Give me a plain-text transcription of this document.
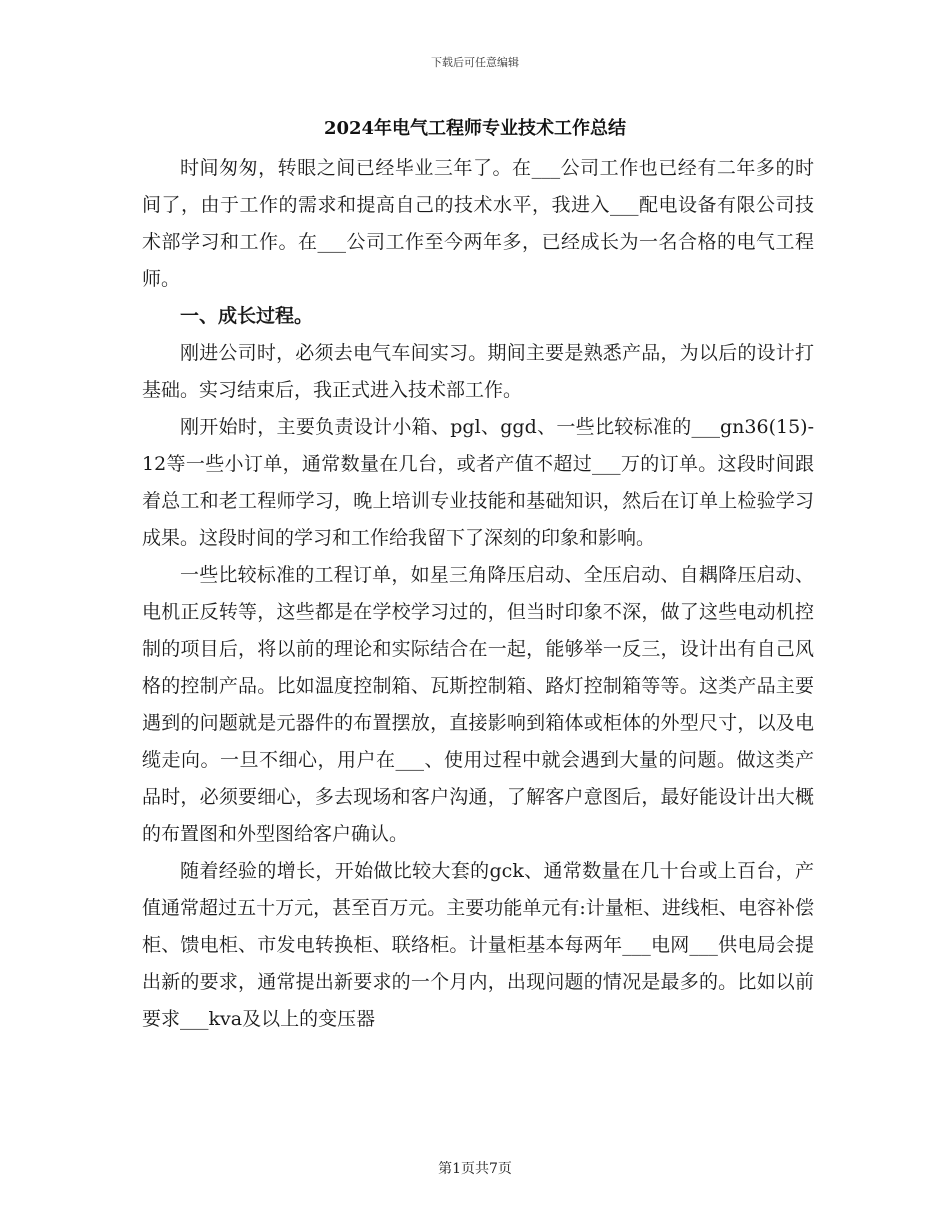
下载后可任意编辑
2024年电气工程师专业技术工作总结

时间匆匆，转眼之间已经毕业三年了。在___公司工作也已经有二年多的时间了，由于工作的需求和提高自己的技术水平，我进入___配电设备有限公司技术部学习和工作。在___公司工作至今两年多，已经成长为一名合格的电气工程师。

一、成长过程。

刚进公司时，必须去电气车间实习。期间主要是熟悉产品，为以后的设计打基础。实习结束后，我正式进入技术部工作。

刚开始时，主要负责设计小箱、pgl、ggd、一些比较标准的___gn36(15)-12等一些小订单，通常数量在几台，或者产值不超过___万的订单。这段时间跟着总工和老工程师学习，晚上培训专业技能和基础知识，然后在订单上检验学习成果。这段时间的学习和工作给我留下了深刻的印象和影响。

一些比较标准的工程订单，如星三角降压启动、全压启动、自耦降压启动、电机正反转等，这些都是在学校学习过的，但当时印象不深，做了这些电动机控制的项目后，将以前的理论和实际结合在一起，能够举一反三，设计出有自己风格的控制产品。比如温度控制箱、瓦斯控制箱、路灯控制箱等等。这类产品主要遇到的问题就是元器件的布置摆放，直接影响到箱体或柜体的外型尺寸，以及电缆走向。一旦不细心，用户在___、使用过程中就会遇到大量的问题。做这类产品时，必须要细心，多去现场和客户沟通，了解客户意图后，最好能设计出大概的布置图和外型图给客户确认。

随着经验的增长，开始做比较大套的gck、通常数量在几十台或上百台，产值通常超过五十万元，甚至百万元。主要功能单元有:计量柜、进线柜、电容补偿柜、馈电柜、市发电转换柜、联络柜。计量柜基本每两年___电网___供电局会提出新的要求，通常提出新要求的一个月内，出现问题的情况是最多的。比如以前要求___kva及以上的变压器

第1页共7页
